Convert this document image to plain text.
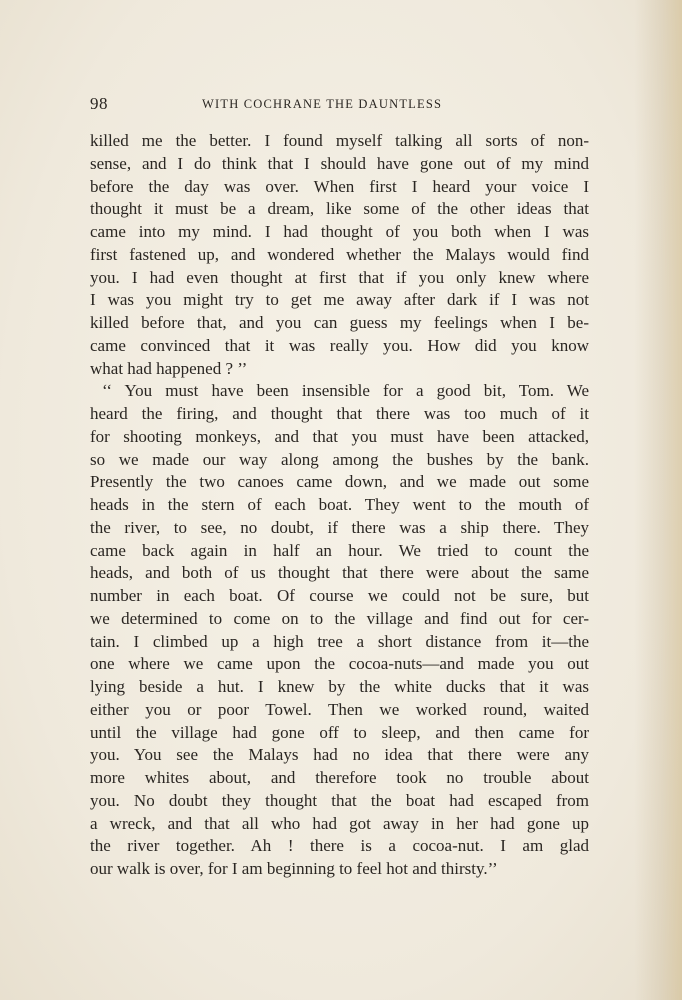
98	WITH COCHRANE THE DAUNTLESS
killed me the better. I found myself talking all sorts of non-
sense, and I do think that I should have gone out of my mind
before the day was over. When first I heard your voice I
thought it must be a dream, like some of the other ideas that
came into my mind. I had thought of you both when I was
first fastened up, and wondered whether the Malays would find
you. I had even thought at first that if you only knew where
I was you might try to get me away after dark if I was not
killed before that, and you can guess my feelings when I be-
came convinced that it was really you. How did you know
what had happened ? ’’
‘‘ You must have been insensible for a good bit, Tom. We
heard the firing, and thought that there was too much of it
for shooting monkeys, and that you must have been attacked,
so we made our way along among the bushes by the bank.
Presently the two canoes came down, and we made out some
heads in the stern of each boat. They went to the mouth of
the river, to see, no doubt, if there was a ship there. They
came back again in half an hour. We tried to count the
heads, and both of us thought that there were about the same
number in each boat. Of course we could not be sure, but
we determined to come on to the village and find out for cer-
tain. I climbed up a high tree a short distance from it—the
one where we came upon the cocoa-nuts—and made you out
lying beside a hut. I knew by the white ducks that it was
either you or poor Towel. Then we worked round, waited
until the village had gone off to sleep, and then came for
you. You see the Malays had no idea that there were any
more whites about, and therefore took no trouble about
you. No doubt they thought that the boat had escaped from
a wreck, and that all who had got away in her had gone up
the river together. Ah ! there is a cocoa-nut. I am glad
our walk is over, for I am beginning to feel hot and thirsty.’’
